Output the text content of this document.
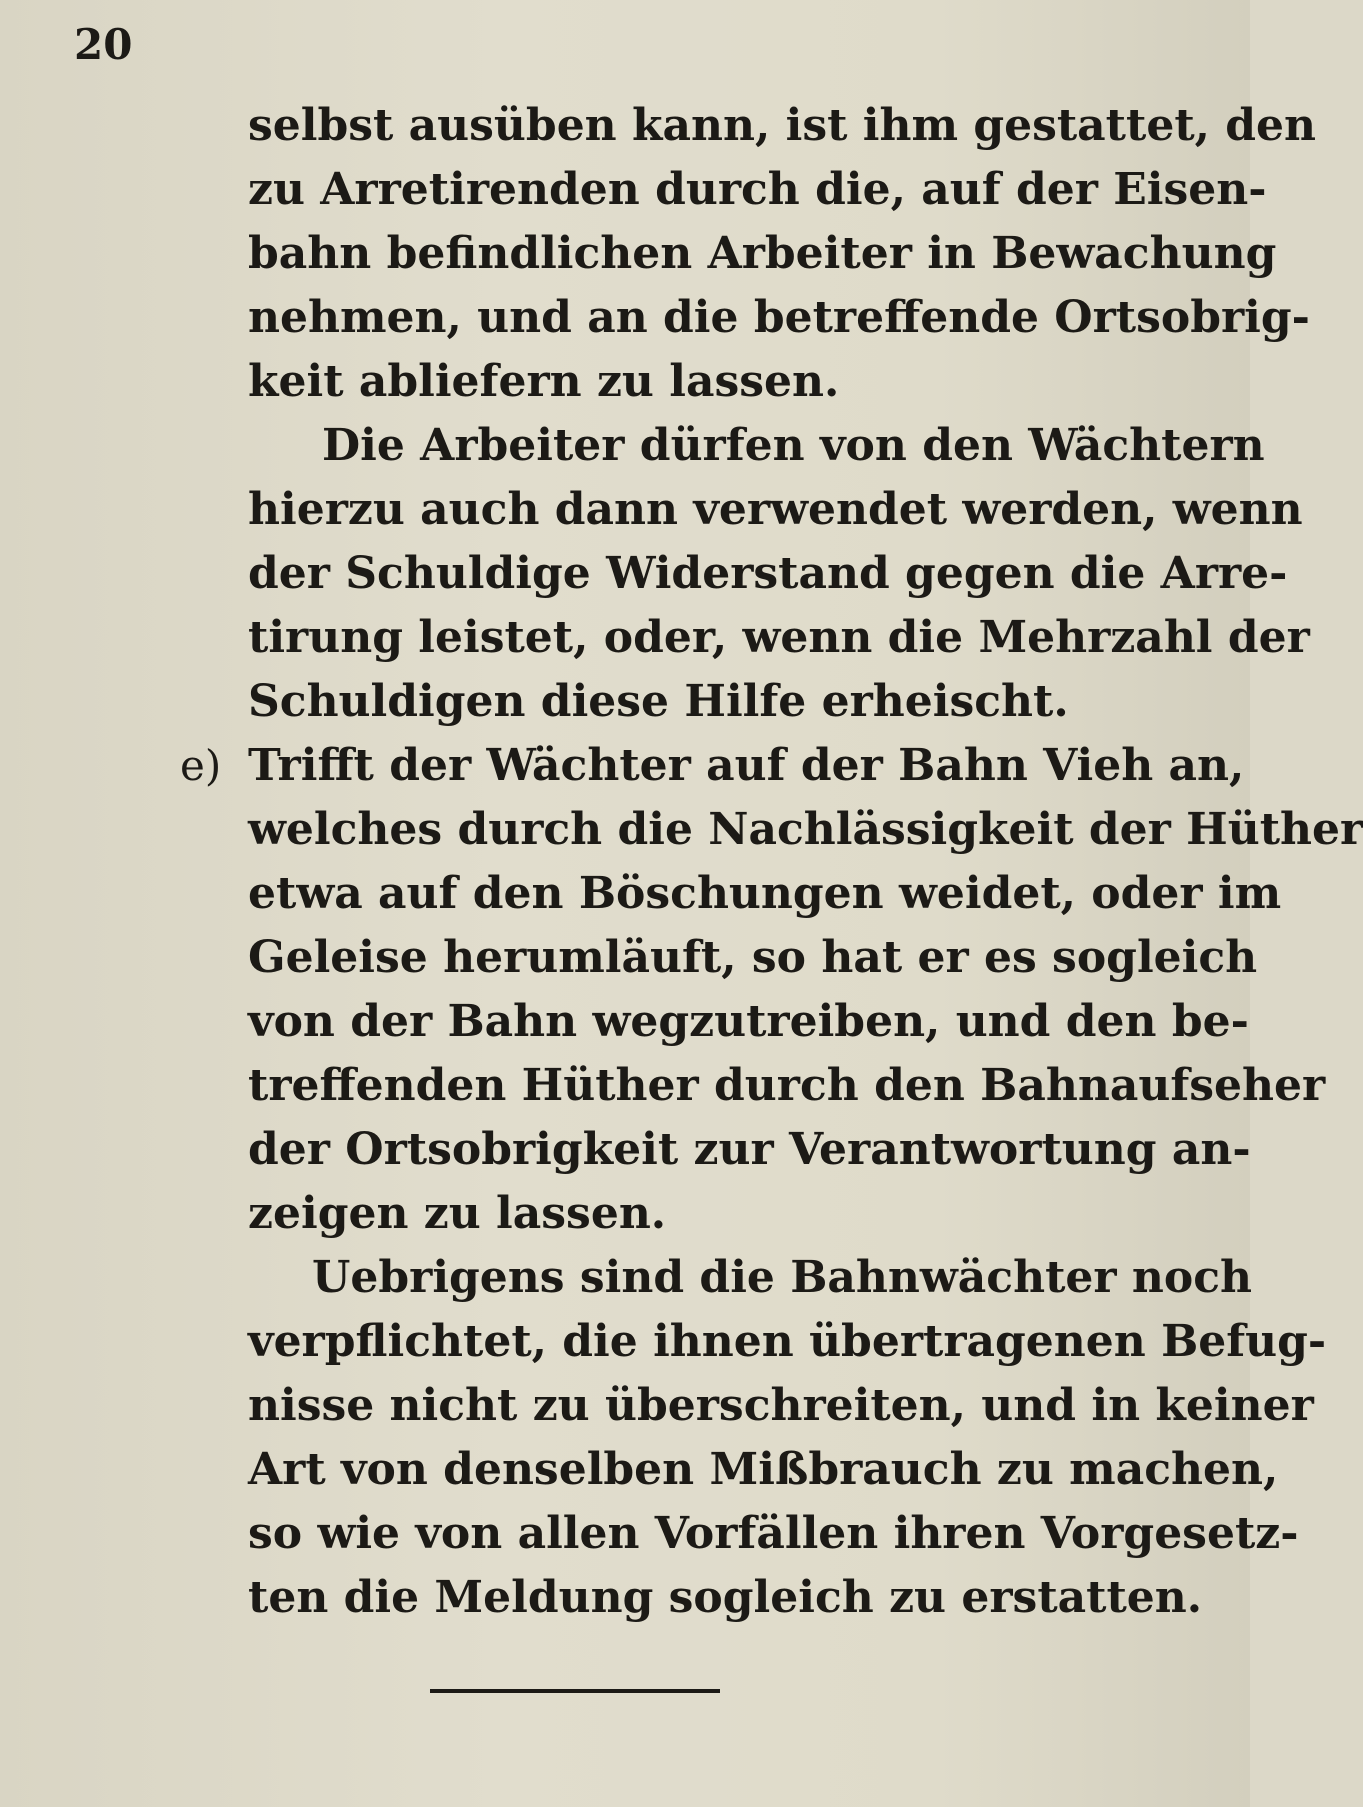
20
selbst ausüben kann, ist ihm gestattet, den
zu Arretirenden durch die, auf der Eisen-
bahn befindlichen Arbeiter in Bewachung
nehmen, und an die betreffende Ortsobrig-
keit abliefern zu lassen.
Die Arbeiter dürfen von den Wächtern
hierzu auch dann verwendet werden, wenn
der Schuldige Widerstand gegen die Arre-
tirung leistet, oder, wenn die Mehrzahl der
Schuldigen diese Hilfe erheischt.
e) Trifft der Wächter auf der Bahn Vieh an,
welches durch die Nachlässigkeit der Hüther
etwa auf den Böschungen weidet, oder im
Geleise herumläuft, so hat er es sogleich
von der Bahn wegzutreiben, und den be-
treffenden Hüther durch den Bahnaufseher
der Ortsobrigkeit zur Verantwortung an-
zeigen zu lassen.
Uebrigens sind die Bahnwächter noch
verpflichtet, die ihnen übertragenen Befug-
nisse nicht zu überschreiten, und in keiner
Art von denselben Mißbrauch zu machen,
so wie von allen Vorfällen ihren Vorgesetz-
ten die Meldung sogleich zu erstatten.
